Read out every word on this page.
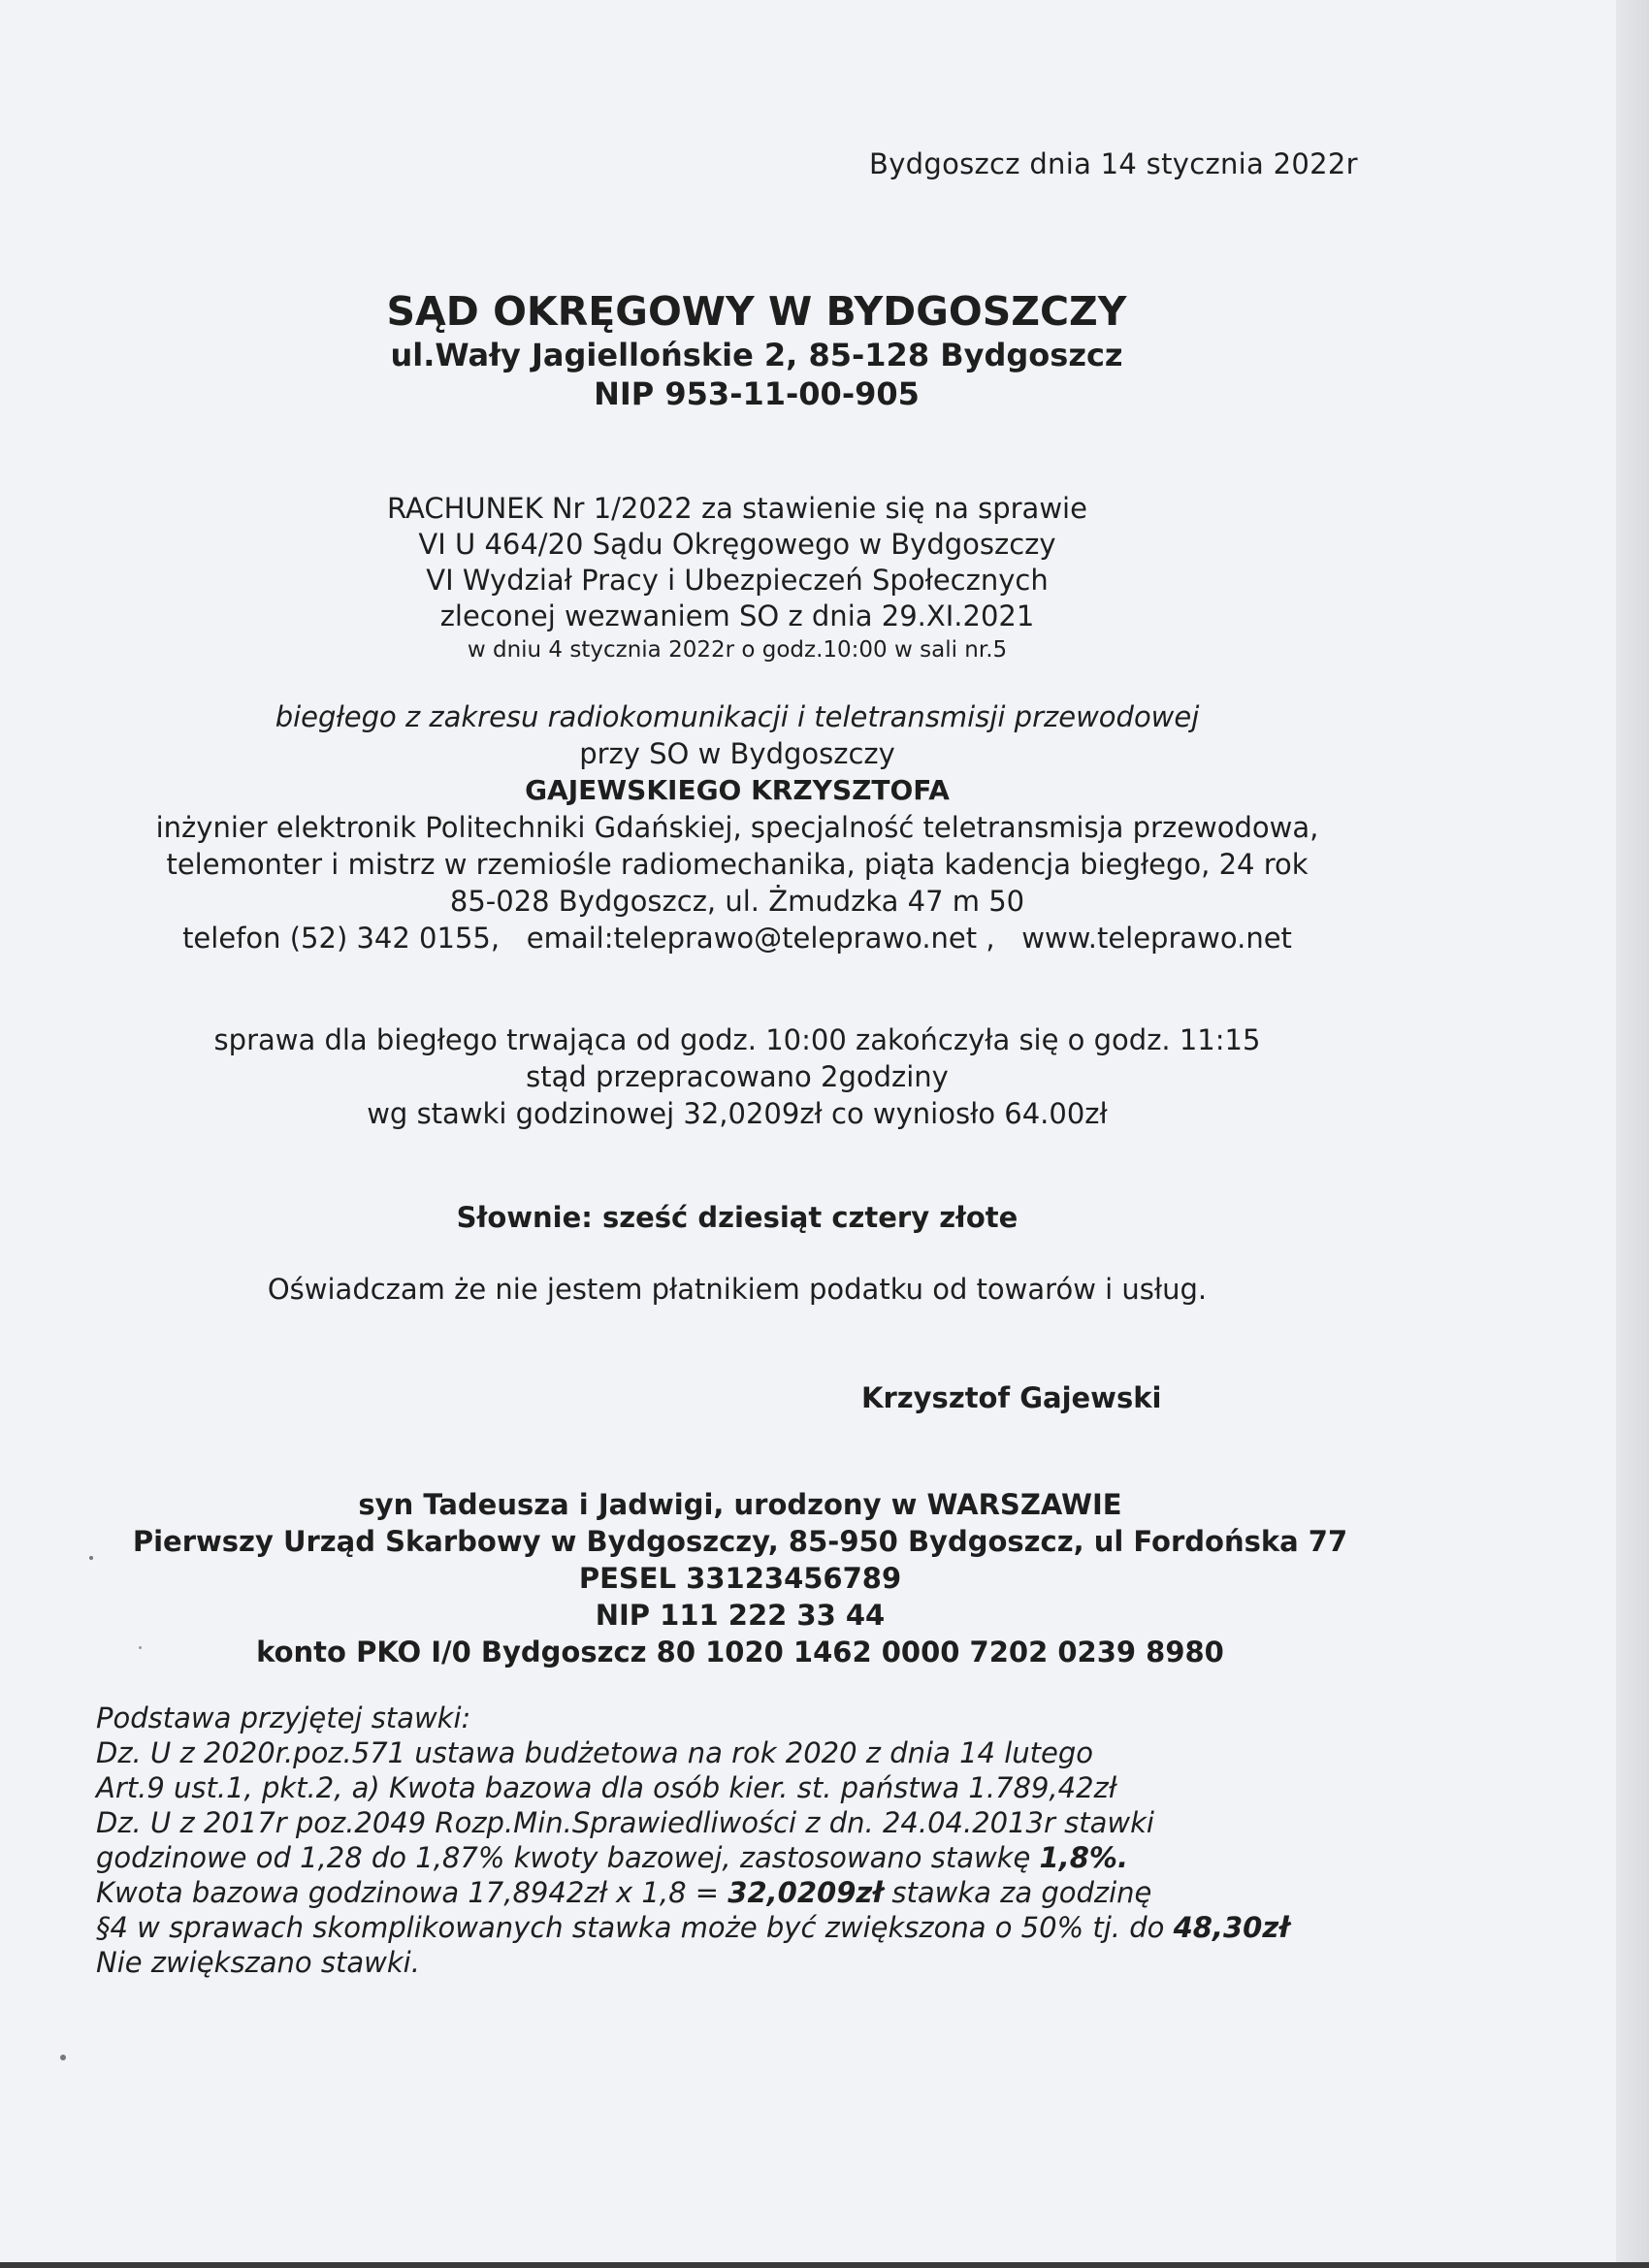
Bydgoszcz dnia 14 stycznia 2022r
SĄD OKRĘGOWY W BYDGOSZCZY
ul.Wały Jagiellońskie 2, 85-128 Bydgoszcz
NIP 953-11-00-905
RACHUNEK Nr 1/2022 za stawienie się na sprawie
VI U 464/20 Sądu Okręgowego w Bydgoszczy
VI Wydział Pracy i Ubezpieczeń Społecznych
zleconej wezwaniem SO z dnia 29.XI.2021
w dniu 4 stycznia 2022r o godz.10:00 w sali nr.5
biegłego z zakresu radiokomunikacji i teletransmisji przewodowej
przy SO w Bydgoszczy
GAJEWSKIEGO KRZYSZTOFA
inżynier elektronik Politechniki Gdańskiej, specjalność teletransmisja przewodowa,
telemonter i mistrz w rzemiośle radiomechanika, piąta kadencja biegłego, 24 rok
85-028 Bydgoszcz, ul. Żmudzka 47 m 50
telefon (52) 342 0155, email:teleprawo@teleprawo.net , www.teleprawo.net
sprawa dla biegłego trwająca od godz. 10:00 zakończyła się o godz. 11:15
stąd przepracowano 2godziny
wg stawki godzinowej 32,0209zł co wyniosło 64.00zł
Słownie: sześć dziesiąt cztery złote
Oświadczam że nie jestem płatnikiem podatku od towarów i usług.
Krzysztof Gajewski
syn Tadeusza i Jadwigi, urodzony w WARSZAWIE
Pierwszy Urząd Skarbowy w Bydgoszczy, 85-950 Bydgoszcz, ul Fordońska 77
PESEL 33123456789
NIP 111 222 33 44
konto PKO I/0 Bydgoszcz 80 1020 1462 0000 7202 0239 8980
Podstawa przyjętej stawki:
Dz. U z 2020r.poz.571 ustawa budżetowa na rok 2020 z dnia 14 lutego
Art.9 ust.1, pkt.2, a) Kwota bazowa dla osób kier. st. państwa 1.789,42zł
Dz. U z 2017r poz.2049 Rozp.Min.Sprawiedliwości z dn. 24.04.2013r stawki
godzinowe od 1,28 do 1,87% kwoty bazowej, zastosowano stawkę 1,8%.
Kwota bazowa godzinowa 17,8942zł x 1,8 = 32,0209zł stawka za godzinę
§4 w sprawach skomplikowanych stawka może być zwiększona o 50% tj. do 48,30zł
Nie zwiększano stawki.
